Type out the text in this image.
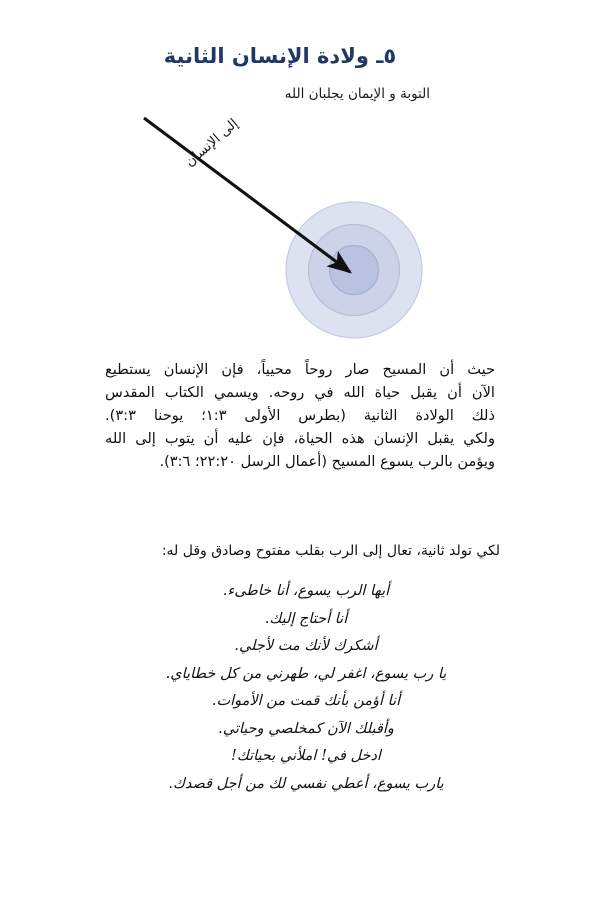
٥ـ ولادة الإنسان الثانية
التوبة و الإيمان يجلبان الله
إلى الإنسان
حيث أن المسيح صار روحاً محيياً، فإن الإنسان يستطيع
الآن أن يقبل حياة الله في روحه. ويسمي الكتاب المقدس
ذلك الولادة الثانية (بطرس الأولى ١:٣؛ يوحنا ٣:٣).
ولكي يقبل الإنسان هذه الحياة، فإن عليه أن يتوب إلى الله
ويؤمن بالرب يسوع المسيح (أعمال الرسل ٢٢:٢٠؛ ٣:٦).
لكي تولد ثانية، تعال إلى الرب بقلب مفتوح وصادق وقل له:
أيها الرب يسوع، أنا خاطىء.
أنا أحتاج إليك.
أشكرك لأنك مت لأجلي.
يا رب يسوع، اغفر لي، طهرني من كل خطاياي.
أنا أؤمن بأنك قمت من الأموات.
وأقبلك الآن كمخلصي وحياتي.
ادخل في! املأني بحياتك!
يارب يسوع، أعطي نفسي لك من أجل قصدك.
